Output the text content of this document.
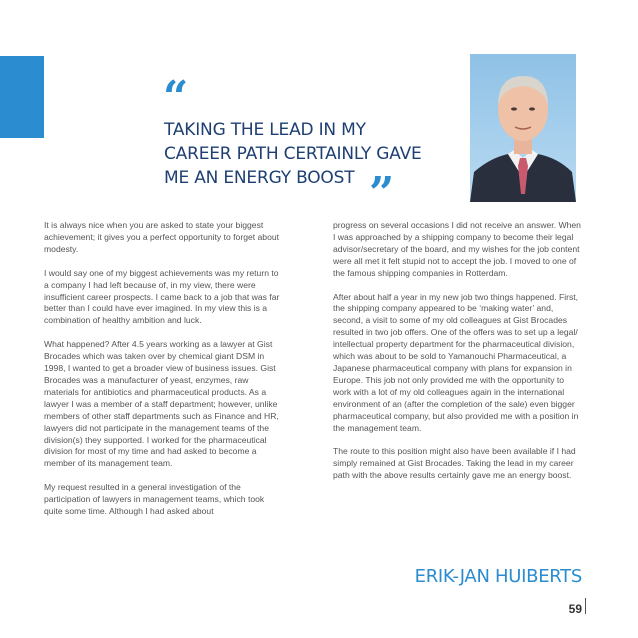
“
TAKING THE LEAD IN MY
CAREER PATH CERTAINLY GAVE
ME AN ENERGY BOOST ”

It is always nice when you are asked to state your biggest achievement; it gives you a perfect opportunity to forget about modesty.

I would say one of my biggest achievements was my return to a company I had left because of, in my view, there were insufficient career prospects. I came back to a job that was far better than I could have ever imagined. In my view this is a combination of healthy ambition and luck.

What happened? After 4.5 years working as a lawyer at Gist Brocades which was taken over by chemical giant DSM in 1998, I wanted to get a broader view of business issues. Gist Brocades was a manufacturer of yeast, enzymes, raw materials for antibiotics and pharmaceutical products. As a lawyer I was a member of a staff department; however, unlike members of other staff departments such as Finance and HR, lawyers did not participate in the management teams of the division(s) they supported. I worked for the pharmaceutical division for most of my time and had asked to become a member of its management team.

My request resulted in a general investigation of the participation of lawyers in management teams, which took quite some time. Although I had asked about

progress on several occasions I did not receive an answer. When I was approached by a shipping company to become their legal advisor/secretary of the board, and my wishes for the job content were all met it felt stupid not to accept the job. I moved to one of the famous shipping companies in Rotterdam.

After about half a year in my new job two things happened. First, the shipping company appeared to be ‘making water’ and, second, a visit to some of my old colleagues at Gist Brocades resulted in two job offers. One of the offers was to set up a legal/ intellectual property department for the pharmaceutical division, which was about to be sold to Yamanouchi Pharmaceutical, a Japanese pharmaceutical company with plans for expansion in Europe. This job not only provided me with the opportunity to work with a lot of my old colleagues again in the international environment of an (after the completion of the sale) even bigger pharmaceutical company, but also provided me with a position in the management team.

The route to this position might also have been available if I had simply remained at Gist Brocades. Taking the lead in my career path with the above results certainly gave me an energy boost.

ERIK-JAN HUIBERTS
59
